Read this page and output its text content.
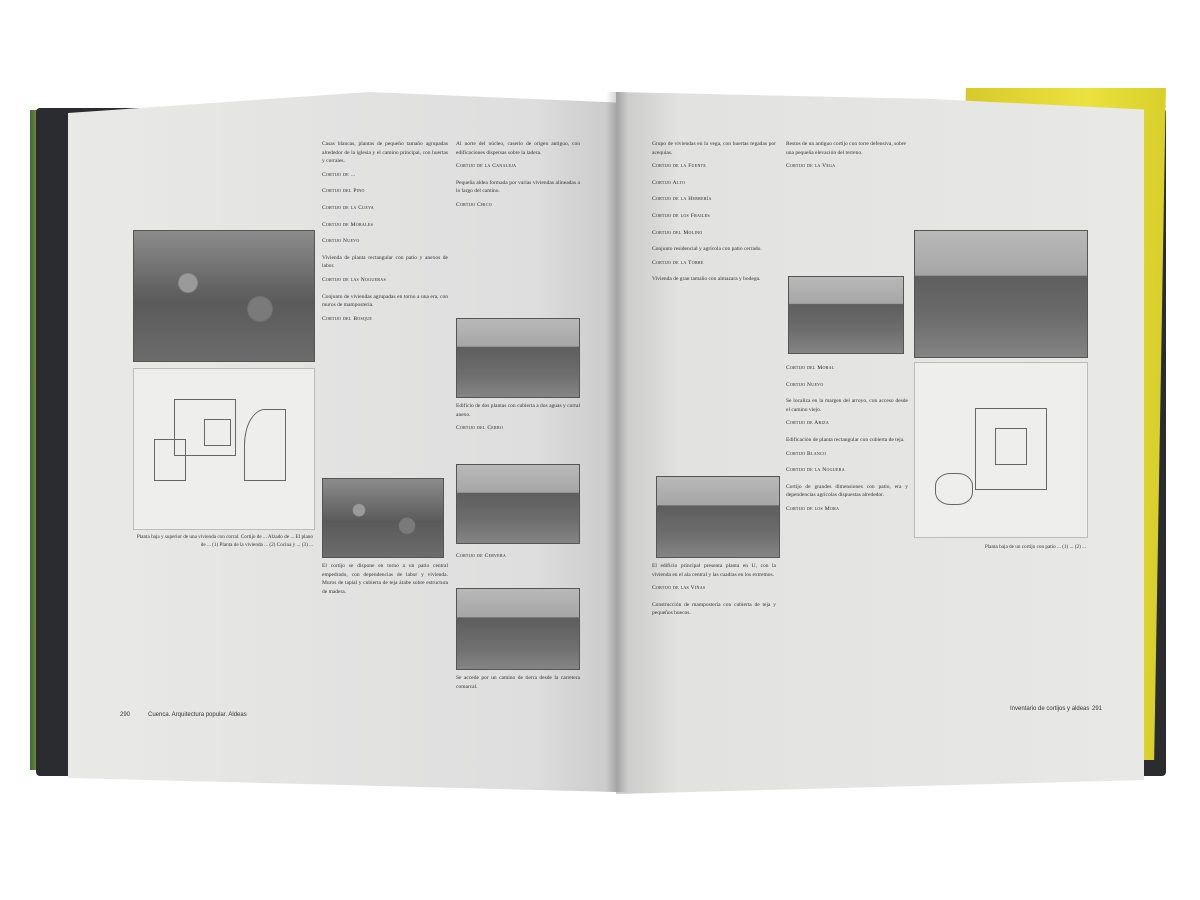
Planta baja y superior de una vivienda con corral. Cortijo de ... Alzado de ... El plano de ... (1) Planta de la vivienda ... (2) Cocina y ... (3) ...

Casas blancas, plantas de pequeño tamaño agrupadas alrededor de la iglesia y el camino principal, con huertas y corrales.

Cortijo de ...
Cortijo del Pino
Cortijo de la Cueva
Cortijo de Morales
Cortijo Nuevo

Vivienda de planta rectangular con patio y anexos de labor.

Cortijo de las Nogueras

Conjunto de viviendas agrupadas en torno a una era, con muros de mampostería.

Cortijo del Bosque

El cortijo se dispone en torno a un patio central empedrado, con dependencias de labor y vivienda. Muros de tapial y cubierta de teja árabe sobre estructura de madera.

Al norte del núcleo, caserío de origen antiguo, con edificaciones dispersas sobre la ladera.

Cortijo de la Canaleja

Pequeña aldea formada por varias viviendas alineadas a lo largo del camino.

Cortijo Chico

Edificio de dos plantas con cubierta a dos aguas y corral anexo.

Cortijo del Cerro
Cortijo de Cervera

Se accede por un camino de tierra desde la carretera comarcal.

290	Cuenca. Arquitectura popular. Aldeas

Grupo de viviendas en la vega, con huertas regadas por acequias.

Cortijo de la Fuente
Cortijo Alto
Cortijo de la Herrería
Cortijo de los Frailes
Cortijo del Molino

Conjunto residencial y agrícola con patio cerrado.

Cortijo de la Torre

Vivienda de gran tamaño con almazara y bodega.

El edificio principal presenta planta en U, con la vivienda en el ala central y las cuadras en los extremos.

Cortijo de las Viñas

Construcción de mampostería con cubierta de teja y pequeños huecos.

Restos de un antiguo cortijo con torre defensiva, sobre una pequeña elevación del terreno.

Cortijo de la Vega
Cortijo del Moral
Cortijo Nuevo

Se localiza en la margen del arroyo, con acceso desde el camino viejo.

Cortijo de Ariza

Edificación de planta rectangular con cubierta de teja.

Cortijo Blanco
Cortijo de la Noguera

Cortijo de grandes dimensiones con patio, era y dependencias agrícolas dispuestas alrededor.

Cortijo de los Mora
Planta baja de un cortijo con patio ... (1) ... (2) ...
Inventario de cortijos y aldeas 291
